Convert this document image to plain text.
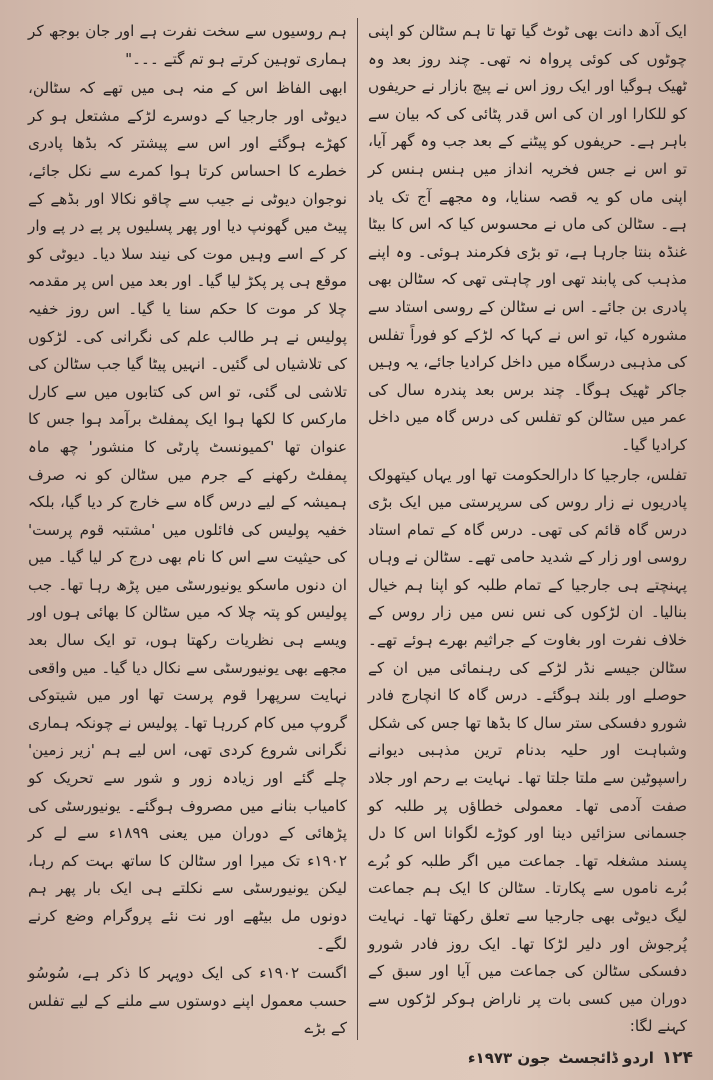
ہم روسیوں سے سخت نفرت ہے اور جان بوجھ کر ہماری توہین کرتے ہو تم گتے ۔۔۔"

ابھی الفاظ اس کے منہ ہی میں تھے کہ سٹالن، دیوٹی اور جارجیا کے دوسرے لڑکے مشتعل ہو کر کھڑے ہوگئے اور اس سے پیشتر کہ بڈھا پادری خطرے کا احساس کرتا ہوا کمرے سے نکل جائے، نوجوان دیوٹی نے جیب سے چاقو نکالا اور بڈھے کے پیٹ میں گھونپ دیا اور پھر پسلیوں پر پے در پے وار کر کے اسے وہیں موت کی نیند سلا دیا۔ دیوٹی کو موقع ہی پر پکڑ لیا گیا۔ اور بعد میں اس پر مقدمہ چلا کر موت کا حکم سنا یا گیا۔ اس روز خفیہ پولیس نے ہر طالب علم کی نگرانی کی۔ لڑکوں کی تلاشیاں لی گئیں۔ انہیں پیٹا گیا جب سٹالن کی تلاشی لی گئی، تو اس کی کتابوں میں سے کارل مارکس کا لکھا ہوا ایک پمفلٹ برآمد ہوا جس کا عنوان تھا 'کمیونسٹ پارٹی کا منشور' چھ ماہ پمفلٹ رکھنے کے جرم میں سٹالن کو نہ صرف ہمیشہ کے لیے درس گاہ سے خارج کر دیا گیا، بلکہ خفیہ پولیس کی فائلوں میں 'مشتبہ قوم پرست' کی حیثیت سے اس کا نام بھی درج کر لیا گیا۔ میں ان دنوں ماسکو یونیورسٹی میں پڑھ رہا تھا۔ جب پولیس کو پتہ چلا کہ میں سٹالن کا بھائی ہوں اور ویسے ہی نظریات رکھتا ہوں، تو ایک سال بعد مجھے بھی یونیورسٹی سے نکال دیا گیا۔ میں واقعی نہایت سرپھرا قوم پرست تھا اور میں شیتوکی گروپ میں کام کررہا تھا۔ پولیس نے چونکہ ہماری نگرانی شروع کردی تھی، اس لیے ہم 'زیر زمین' چلے گئے اور زیادہ زور و شور سے تحریک کو کامیاب بنانے میں مصروف ہوگئے۔ یونیورسٹی کی پڑھائی کے دوران میں یعنی ۱۸۹۹ء سے لے کر ۱۹۰۲ء تک میرا اور سٹالن کا ساتھ بہت کم رہا، لیکن یونیورسٹی سے نکلتے ہی ایک بار پھر ہم دونوں مل بیٹھے اور نت نئے پروگرام وضع کرنے لگے۔

اگست ۱۹۰۲ء کی ایک دوپہر کا ذکر ہے، سُوسُو حسب معمول اپنے دوستوں سے ملنے کے لیے تفلس کے بڑے

ایک آدھ دانت بھی ٹوٹ گیا تھا تا ہم سٹالن کو اپنی چوٹوں کی کوئی پرواہ نہ تھی۔ چند روز بعد وہ ٹھیک ہوگیا اور ایک روز اس نے پیچ بازار نے حریفوں کو للکارا اور ان کی اس قدر پٹائی کی کہ بیان سے باہر ہے۔ حریفوں کو پیٹنے کے بعد جب وہ گھر آیا، تو اس نے جس فخریہ انداز میں ہنس ہنس کر اپنی ماں کو یہ قصہ سنایا، وہ مجھے آج تک یاد ہے۔ سٹالن کی ماں نے محسوس کیا کہ اس کا بیٹا غنڈہ بنتا جارہا ہے، تو بڑی فکرمند ہوئی۔ وہ اپنے مذہب کی پابند تھی اور چاہتی تھی کہ سٹالن بھی پادری بن جائے۔ اس نے سٹالن کے روسی استاد سے مشورہ کیا، تو اس نے کہا کہ لڑکے کو فوراً تفلس کی مذہبی درسگاہ میں داخل کرادیا جائے، یہ وہیں جاکر ٹھیک ہوگا۔ چند برس بعد پندرہ سال کی عمر میں سٹالن کو تفلس کی درس گاہ میں داخل کرادیا گیا۔

تفلس، جارجیا کا دارالحکومت تھا اور یہاں کیتھولک پادریوں نے زار روس کی سرپرستی میں ایک بڑی درس گاہ قائم کی تھی۔ درس گاہ کے تمام استاد روسی اور زار کے شدید حامی تھے۔ سٹالن نے وہاں پہنچتے ہی جارجیا کے تمام طلبہ کو اپنا ہم خیال بنالیا۔ ان لڑکوں کی نس نس میں زار روس کے خلاف نفرت اور بغاوت کے جراثیم بھرے ہوئے تھے۔ سٹالن جیسے نڈر لڑکے کی رہنمائی میں ان کے حوصلے اور بلند ہوگئے۔ درس گاہ کا انچارج فادر شورو دفسکی ستر سال کا بڈھا تھا جس کی شکل وشباہت اور حلیہ بدنام ترین مذہبی دیوانے راسپوٹین سے ملتا جلتا تھا۔ نہایت بے رحم اور جلاد صفت آدمی تھا۔ معمولی خطاؤں پر طلبہ کو جسمانی سزائیں دینا اور کوڑے لگوانا اس کا دل پسند مشغلہ تھا۔ جماعت میں اگر طلبہ کو بُرے بُرے ناموں سے پکارتا۔ سٹالن کا ایک ہم جماعت لیگ دیوٹی بھی جارجیا سے تعلق رکھتا تھا۔ نہایت پُرجوش اور دلیر لڑکا تھا۔ ایک روز فادر شورو دفسکی سٹالن کی جماعت میں آیا اور سبق کے دوران میں کسی بات پر ناراض ہوکر لڑکوں سے کہنے لگا:

۱۲۴
اردو ڈائجسٹ
جون ۱۹۷۳ء
